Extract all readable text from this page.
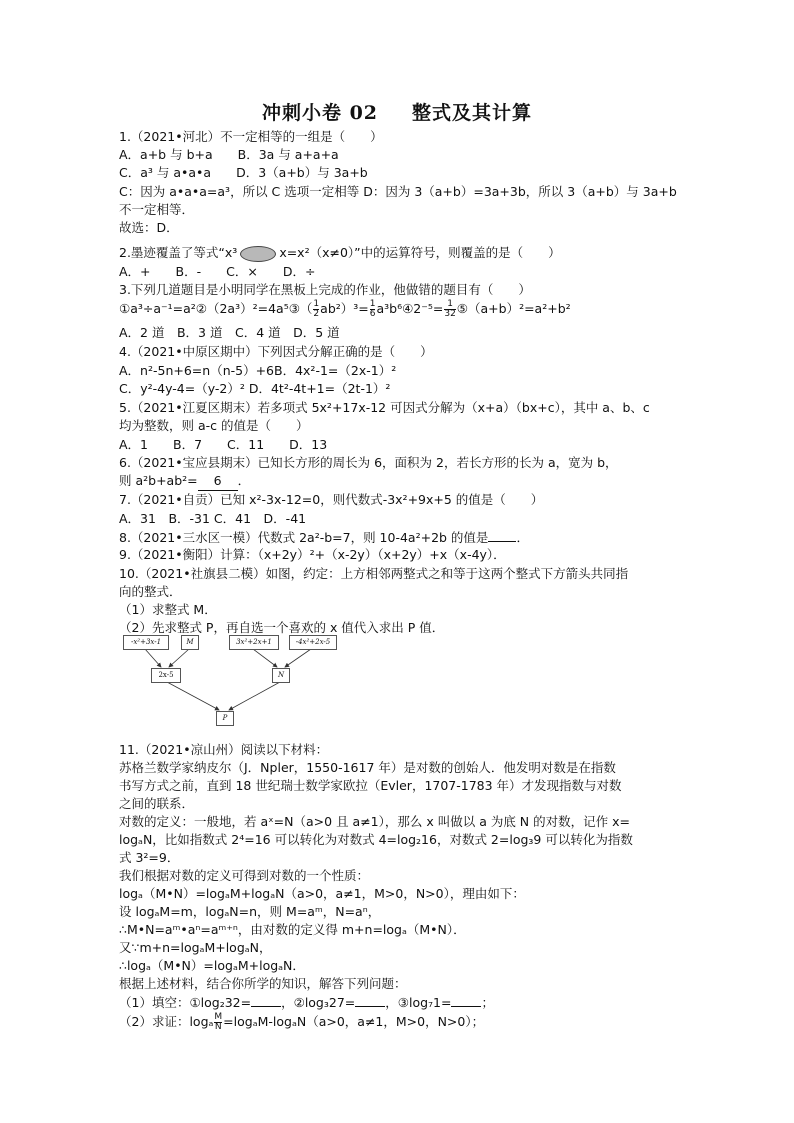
冲刺小卷 02 整式及其计算
1.（2021•河北）不一定相等的一组是（　　）
A．a+b 与 b+a　　 B．3a 与 a+a+a
C．a³ 与 a•a•a　　 D．3（a+b）与 3a+b
C：因为 a•a•a=a³，所以 C 选项一定相等 D：因为 3（a+b）=3a+3b，所以 3（a+b）与 3a+b
不一定相等．
故选：D．
2.墨迹覆盖了等式“x³	x=x²（x≠0）”中的运算符号，则覆盖的是（　　）
A．+　　B．-　　C．×　　D．÷
3.下列几道题目是小明同学在黑板上完成的作业，他做错的题目有（　　）
①a³÷a⁻¹=a²②（2a³）²=4a⁵③（ $\frac{1}{2} ab^2)^3= \frac{1}{6}$ a³b⁶④2⁻⁵= $\frac{1}{32}$ ⑤（a+b）²=a²+b²
A．2 道　B．3 道　C．4 道　D．5 道
4.（2021•中原区期中）下列因式分解正确的是（　　）
A．n²-5n+6=n（n-5）+6B．4x²-1=（2x-1）²
C．y²-4y-4=（y-2）² D．4t²-4t+1=（2t-1）²
5.（2021•江夏区期末）若多项式 5x²+17x-12 可因式分解为（x+a）（bx+c），其中 a、b、c
均为整数，则 a-c 的值是（　　）
A．1　　B．7　　C．11　　D．13
6.（2021•宝应县期末）已知长方形的周长为 6，面积为 2，若长方形的长为 a，宽为 b，
则 a²b+ab²= 6 ．
7.（2021•自贡）已知 x²-3x-12=0，则代数式-3x²+9x+5 的值是（　　）
A．31　B．-31 C．41　D．-41
8.（2021•三水区一模）代数式 2a²-b=7，则 10-4a²+2b 的值是 ．
9.（2021•衡阳）计算：（x+2y）²+（x-2y）（x+2y）+x（x-4y）．
10.（2021•社旗县二模）如图，约定：上方相邻两整式之和等于这两个整式下方箭头共同指
向的整式．
（1）求整式 M．
（2）先求整式 P，再自选一个喜欢的 x 值代入求出 P 值．
-x²+3x-1	M	3x²+2x+1	-4x²+2x-5
2x-5	N
P
11.（2021•凉山州）阅读以下材料：
苏格兰数学家纳皮尔（J．Npler，1550-1617 年）是对数的创始人．他发明对数是在指数
书写方式之前，直到 18 世纪瑞士数学家欧拉（Evler，1707-1783 年）才发现指数与对数
之间的联系．
对数的定义：一般地，若 aˣ=N（a>0 且 a≠1），那么 x 叫做以 a 为底 N 的对数，记作 x=
logₐN，比如指数式 2⁴=16 可以转化为对数式 4=log₂16，对数式 2=log₃9 可以转化为指数
式 3²=9．
我们根据对数的定义可得到对数的一个性质：
logₐ（M•N）=logₐM+logₐN（a>0，a≠1，M>0，N>0），理由如下：
设 logₐM=m，logₐN=n，则 M=aᵐ，N=aⁿ，
∴M•N=aᵐ•aⁿ=aᵐ⁺ⁿ，由对数的定义得 m+n=logₐ（M•N）．
又∵m+n=logₐM+logₐN，
∴logₐ（M•N）=logₐM+logₐN．
根据上述材料，结合你所学的知识，解答下列问题：
（1）填空：①log₂32= ，②log₃27= ，③log₇1= ；
（2）求证：logₐ $\frac{M}{N} =\log_aM-\log_aN(a>0$，a≠1，M>0，N>0）；
